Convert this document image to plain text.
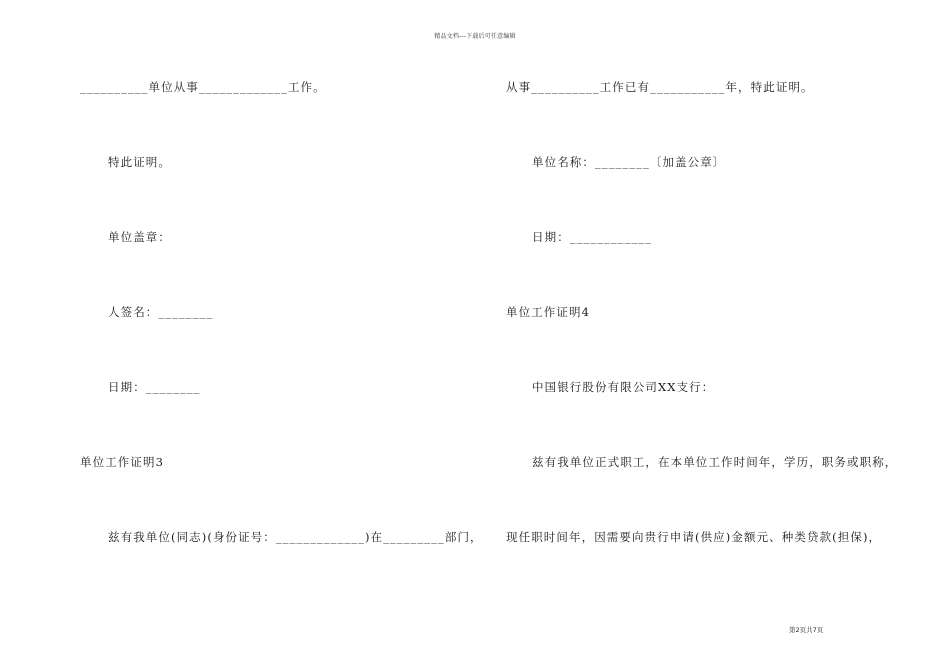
精品文档---下载后可任意编辑
__________单位从事_____________工作。
特此证明。
单位盖章：
人签名：________
日期：________
单位工作证明3
兹有我单位(同志)(身份证号：_____________)在_________部门，
从事__________工作已有___________年，特此证明。
单位名称：________〔加盖公章〕
日期：____________
单位工作证明4
中国银行股份有限公司XX支行：
兹有我单位正式职工，在本单位工作时间年，学历，职务或职称，
现任职时间年，因需要向贵行申请(供应)金额元、种类贷款(担保)，
第2页共7页
